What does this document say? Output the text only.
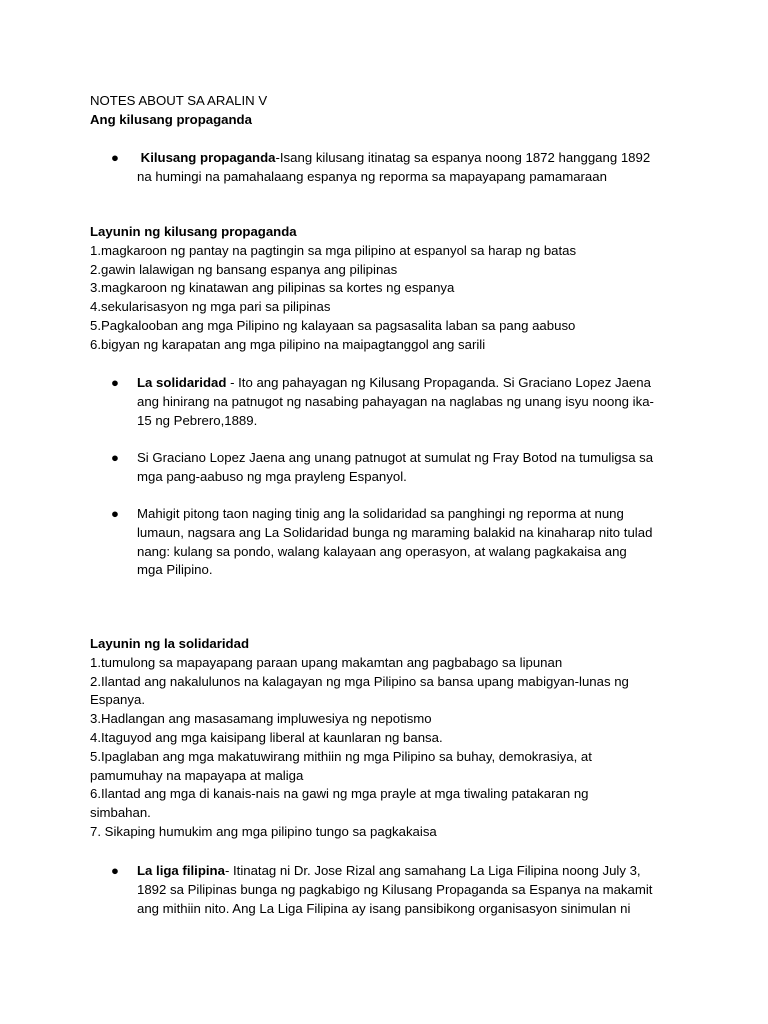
NOTES ABOUT SA ARALIN V
Ang kilusang propaganda
●	Kilusang propaganda-Isang kilusang itinatag sa espanya noong 1872 hanggang 1892
na humingi na pamahalaang espanya ng reporma sa mapayapang pamamaraan
Layunin ng kilusang propaganda
1.magkaroon ng pantay na pagtingin sa mga pilipino at espanyol sa harap ng batas
2.gawin lalawigan ng bansang espanya ang pilipinas
3.magkaroon ng kinatawan ang pilipinas sa kortes ng espanya
4.sekularisasyon ng mga pari sa pilipinas
5.Pagkalooban ang mga Pilipino ng kalayaan sa pagsasalita laban sa pang aabuso
6.bigyan ng karapatan ang mga pilipino na maipagtanggol ang sarili
●	La solidaridad - Ito ang pahayagan ng Kilusang Propaganda. Si Graciano Lopez Jaena
ang hinirang na patnugot ng nasabing pahayagan na naglabas ng unang isyu noong ika-
15 ng Pebrero,1889.
●	Si Graciano Lopez Jaena ang unang patnugot at sumulat ng Fray Botod na tumuligsa sa
mga pang-aabuso ng mga prayleng Espanyol.
●	Mahigit pitong taon naging tinig ang la solidaridad sa panghingi ng reporma at nung
lumaun, nagsara ang La Solidaridad bunga ng maraming balakid na kinaharap nito tulad
nang: kulang sa pondo, walang kalayaan ang operasyon, at walang pagkakaisa ang
mga Pilipino.
Layunin ng la solidaridad
1.tumulong sa mapayapang paraan upang makamtan ang pagbabago sa lipunan
2.Ilantad ang nakalulunos na kalagayan ng mga Pilipino sa bansa upang mabigyan-lunas ng
Espanya.
3.Hadlangan ang masasamang impluwesiya ng nepotismo
4.Itaguyod ang mga kaisipang liberal at kaunlaran ng bansa.
5.Ipaglaban ang mga makatuwirang mithiin ng mga Pilipino sa buhay, demokrasiya, at
pamumuhay na mapayapa at maliga
6.Ilantad ang mga di kanais-nais na gawi ng mga prayle at mga tiwaling patakaran ng
simbahan.
7. Sikaping humukim ang mga pilipino tungo sa pagkakaisa
●	La liga filipina- Itinatag ni Dr. Jose Rizal ang samahang La Liga Filipina noong July 3,
1892 sa Pilipinas bunga ng pagkabigo ng Kilusang Propaganda sa Espanya na makamit
ang mithiin nito. Ang La Liga Filipina ay isang pansibikong organisasyon sinimulan ni
